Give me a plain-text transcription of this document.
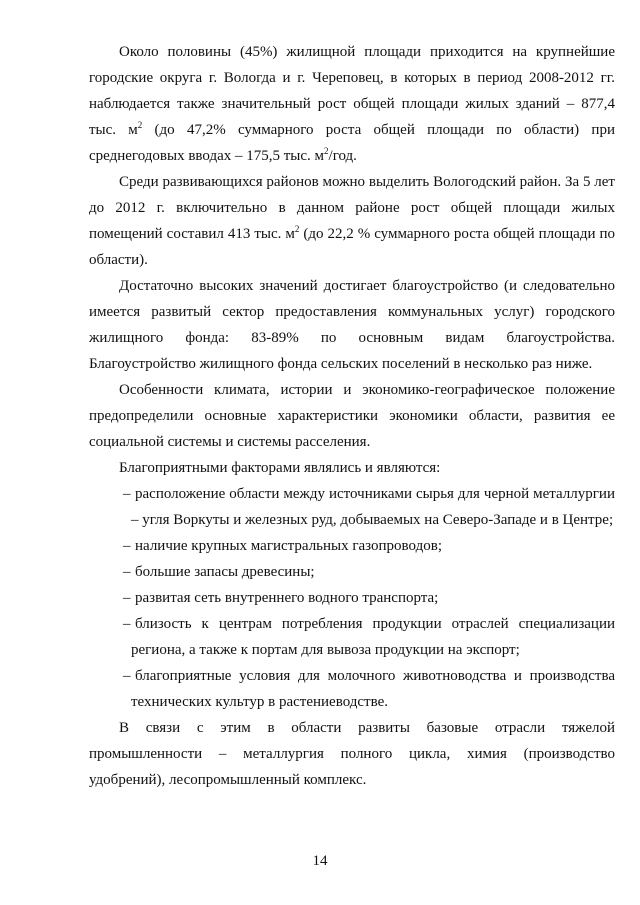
Около половины (45%) жилищной площади приходится на крупнейшие городские округа г. Вологда и г. Череповец, в которых в период 2008-2012 гг. наблюдается также значительный рост общей площади жилых зданий – 877,4 тыс. $м^2$ (до 47,2% суммарного роста общей площади по области) при среднегодовых вводах – 175,5 тыс. $м^2$/год.

Среди развивающихся районов можно выделить Вологодский район. За 5 лет до 2012 г. включительно в данном районе рост общей площади жилых помещений составил 413 тыс. $м^2$ (до 22,2 % суммарного роста общей площади по области).

Достаточно высоких значений достигает благоустройство (и следовательно имеется развитый сектор предоставления коммунальных услуг) городского жилищного фонда: 83-89% по основным видам благоустройства. Благоустройство жилищного фонда сельских поселений в несколько раз ниже.

Особенности климата, истории и экономико-географическое положение предопределили основные характеристики экономики области, развития ее социальной системы и системы расселения.

Благоприятными факторами являлись и являются:

– расположение области между источниками сырья для черной металлургии – угля Воркуты и железных руд, добываемых на Северо-Западе и в Центре;
– наличие крупных магистральных газопроводов;
– большие запасы древесины;
– развитая сеть внутреннего водного транспорта;
– близость к центрам потребления продукции отраслей специализации региона, а также к портам для вывоза продукции на экспорт;
– благоприятные условия для молочного животноводства и производства технических культур в растениеводстве.

В связи с этим в области развиты базовые отрасли тяжелой промышленности – металлургия полного цикла, химия (производство удобрений), лесопромышленный комплекс.

14
